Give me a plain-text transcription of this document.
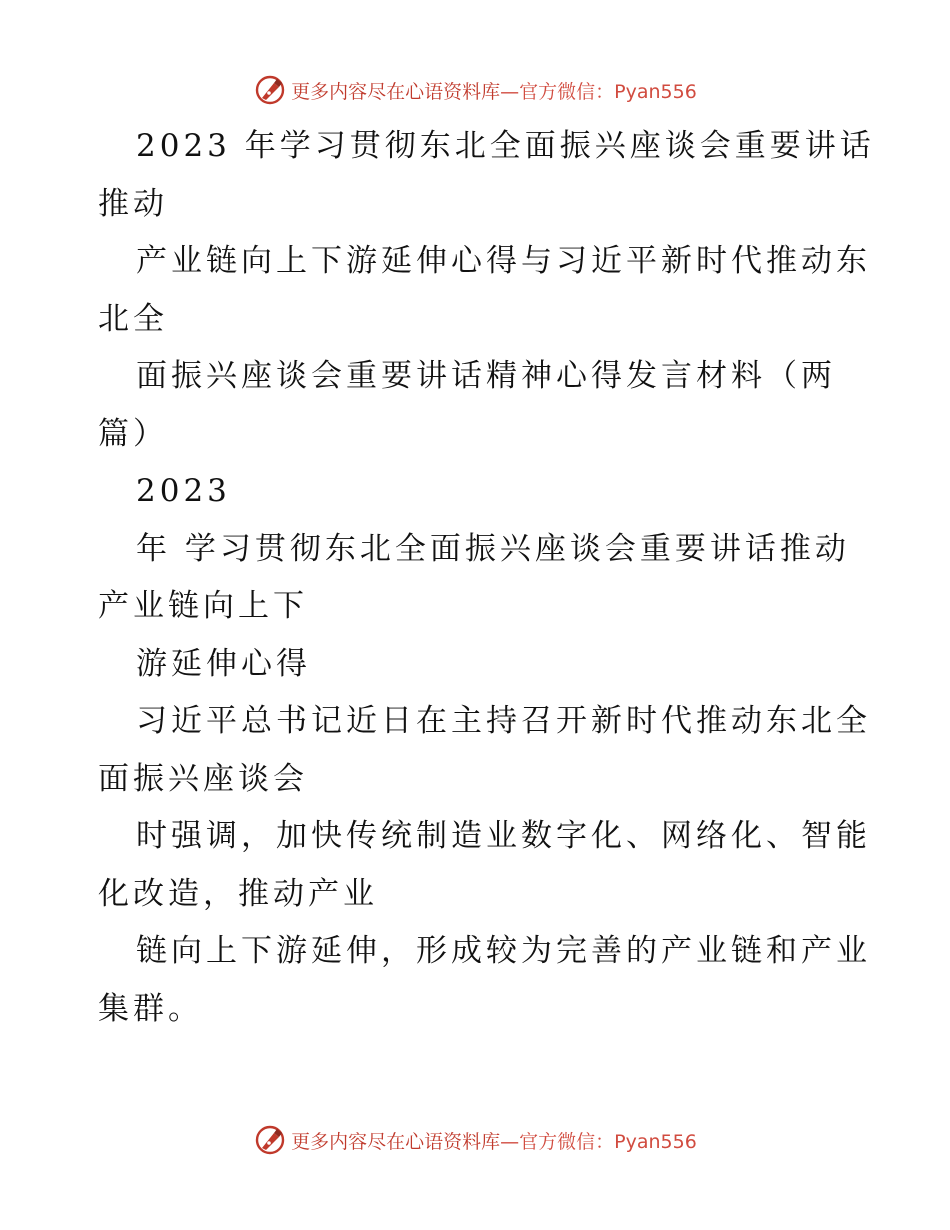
更多内容尽在心语资料库 —官方微信：Pyan556

2023 年学习贯彻东北全面振兴座谈会重要讲话

推动

产业链向上下游延伸心得与习近平新时代推动东

北全

面振兴座谈会重要讲话精神心得发言材料（两

篇）

2023

年 学习贯彻东北全面振兴座谈会重要讲话推动

产业链向上下

游延伸心得

习近平总书记近日在主持召开新时代推动东北全

面振兴座谈会

时强调，加快传统制造业数字化、网络化、智能

化改造，推动产业

链向上下游延伸，形成较为完善的产业链和产业

集群。

更多内容尽在心语资料库 —官方微信：Pyan556
